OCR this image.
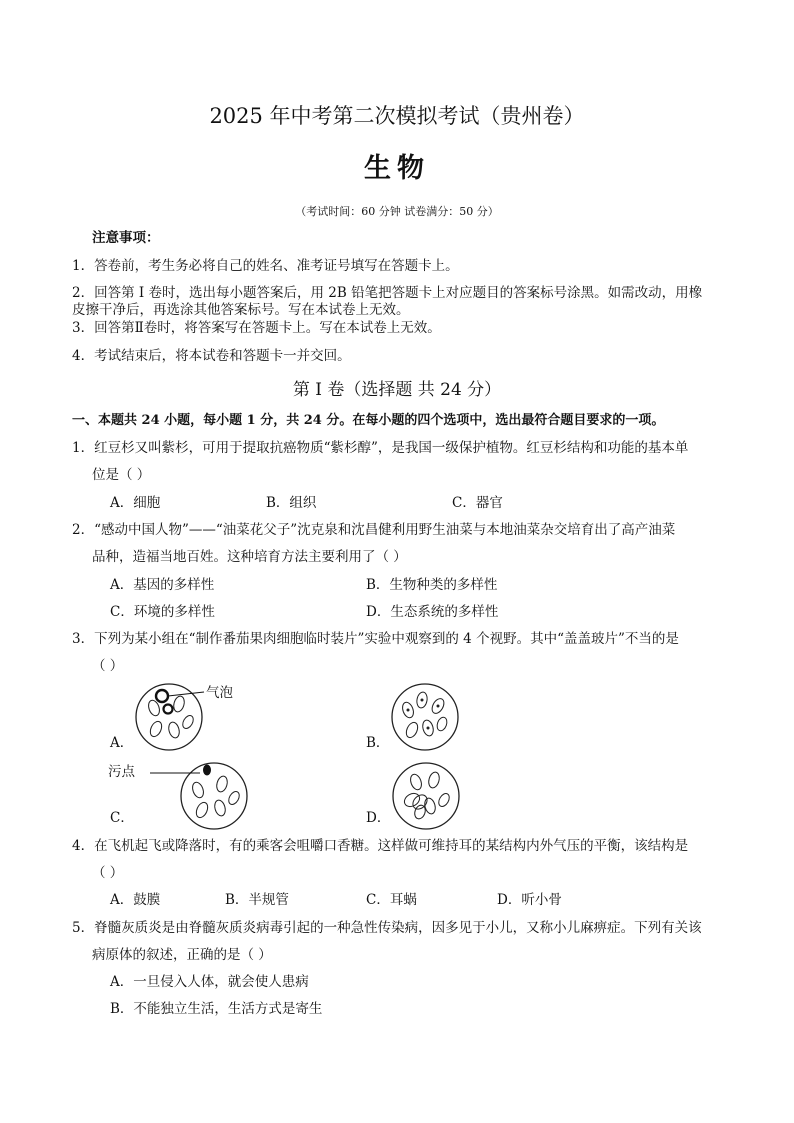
2025 年中考第二次模拟考试（贵州卷）
生物
（考试时间：60 分钟 试卷满分：50 分）
注意事项：
1．答卷前，考生务必将自己的姓名、准考证号填写在答题卡上。
2．回答第 I 卷时，选出每小题答案后，用 2B 铅笔把答题卡上对应题目的答案标号涂黑。如需改动，用橡
皮擦干净后，再选涂其他答案标号。写在本试卷上无效。
3．回答第Ⅱ卷时，将答案写在答题卡上。写在本试卷上无效。
4．考试结束后，将本试卷和答题卡一并交回。
第 I 卷（选择题 共 24 分）
一、本题共 24 小题，每小题 1 分，共 24 分。在每小题的四个选项中，选出最符合题目要求的一项。
1．红豆杉又叫紫杉，可用于提取抗癌物质“紫杉醇”，是我国一级保护植物。红豆杉结构和功能的基本单
位是（ ）
A．细胞	B．组织	C．器官
2．“感动中国人物”——“油菜花父子”沈克泉和沈昌健利用野生油菜与本地油菜杂交培育出了高产油菜
品种，造福当地百姓。这种培育方法主要利用了（ ）
A．基因的多样性	B．生物种类的多样性
C．环境的多样性	D．生态系统的多样性
3．下列为某小组在“制作番茄果肉细胞临时装片”实验中观察到的 4 个视野。其中“盖盖玻片”不当的是
（ ）
气泡
A．	B．
污点
C．	D．
4．在飞机起飞或降落时，有的乘客会咀嚼口香糖。这样做可维持耳的某结构内外气压的平衡，该结构是
（ ）
A．鼓膜	B．半规管	C．耳蜗	D．听小骨
5．脊髓灰质炎是由脊髓灰质炎病毒引起的一种急性传染病，因多见于小儿，又称小儿麻痹症。下列有关该
病原体的叙述，正确的是（ ）
A．一旦侵入人体，就会使人患病
B．不能独立生活，生活方式是寄生
